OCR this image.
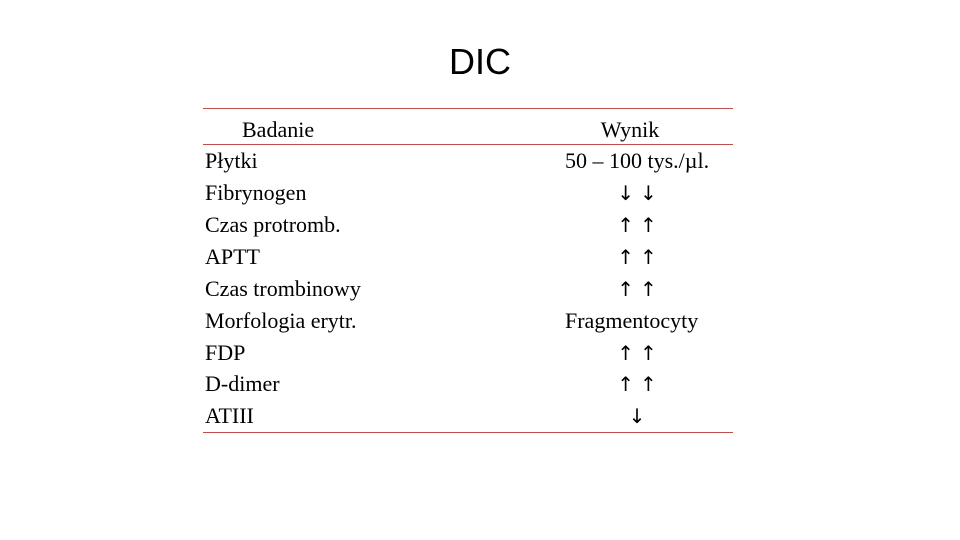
DIC
Badanie	Wynik
Płytki	50 – 100 tys./µl.
Fibrynogen	↓↓
Czas protromb.	↑↑
APTT	↑↑
Czas trombinowy	↑↑
Morfologia erytr.	Fragmentocyty
FDP	↑↑
D-dimer	↑↑
ATIII	↓
